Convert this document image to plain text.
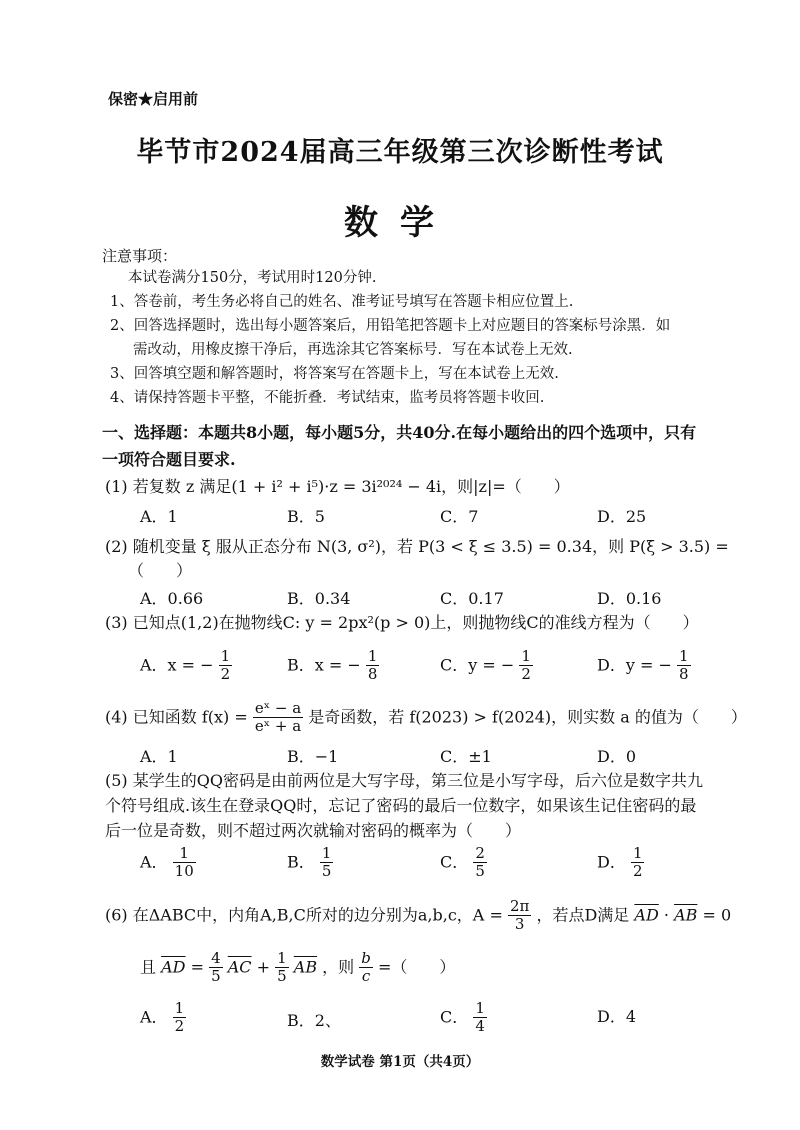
保密★启用前
毕节市2024届高三年级第三次诊断性考试
数学
注意事项：
本试卷满分150分，考试用时120分钟.
1、答卷前，考生务必将自己的姓名、准考证号填写在答题卡相应位置上.
2、回答选择题时，选出每小题答案后，用铅笔把答题卡上对应题目的答案标号涂黑．如
需改动，用橡皮擦干净后，再选涂其它答案标号．写在本试卷上无效.
3、回答填空题和解答题时，将答案写在答题卡上，写在本试卷上无效.
4、请保持答题卡平整，不能折叠．考试结束，监考员将答题卡收回.
一、选择题：本题共8小题，每小题5分，共40分.在每小题给出的四个选项中，只有一项符合题目要求.
(1) 若复数 z 满足(1 + i² + i⁵)·z = 3i²⁰²⁴ − 4i，则|z|=（　　）
A．1	B．5	C．7	D．25
(2) 随机变量 ξ 服从正态分布 N(3, σ²)，若 P(3 < ξ ≤ 3.5) = 0.34，则 P(ξ > 3.5) =
（　　）
A．0.66	B．0.34	C．0.17	D．0.16
(3) 已知点(1,2)在抛物线C: y = 2px²(p > 0)上，则抛物线C的准线方程为（　　）
A．x = − $\frac{1}{2}$	B．x = − $\frac{1}{8}$	C．y = − $\frac{1}{2}$	D．y = − $\frac{1}{8}$
(4) 已知函数 $f(x) = \frac{\text{eˣ − a}}{\text{eˣ + a}}$ 是奇函数，若 f(2023) > f(2024)，则实数 a 的值为（　　）
A．1	B．−1	C．±1	D．0
(5) 某学生的QQ密码是由前两位是大写字母，第三位是小写字母，后六位是数字共九个符号组成.该生在登录QQ时，忘记了密码的最后一位数字，如果该生记住密码的最后一位是奇数，则不超过两次就输对密码的概率为（　　）
A． $\frac{1}{10}$	B． $\frac{1}{5}$	C． $\frac{2}{5}$	D． $\frac{1}{2}$
(6) 在ΔABC中，内角A,B,C所对的边分别为a,b,c，$A = \frac{2\pi}{3}$ ，若点D满足 $\overline{AD} \cdot \overline{AB} = 0$
且 $\overline{AD} = \frac{4}{5} \overline{AC} + \frac{1}{5} \overline{AB}$ ，则 $\frac{b}{c}$ =（　　）
A． $\frac{1}{2}$	B．2、	C． $\frac{1}{4}$	D．4
数学试卷 第1页（共4页）
